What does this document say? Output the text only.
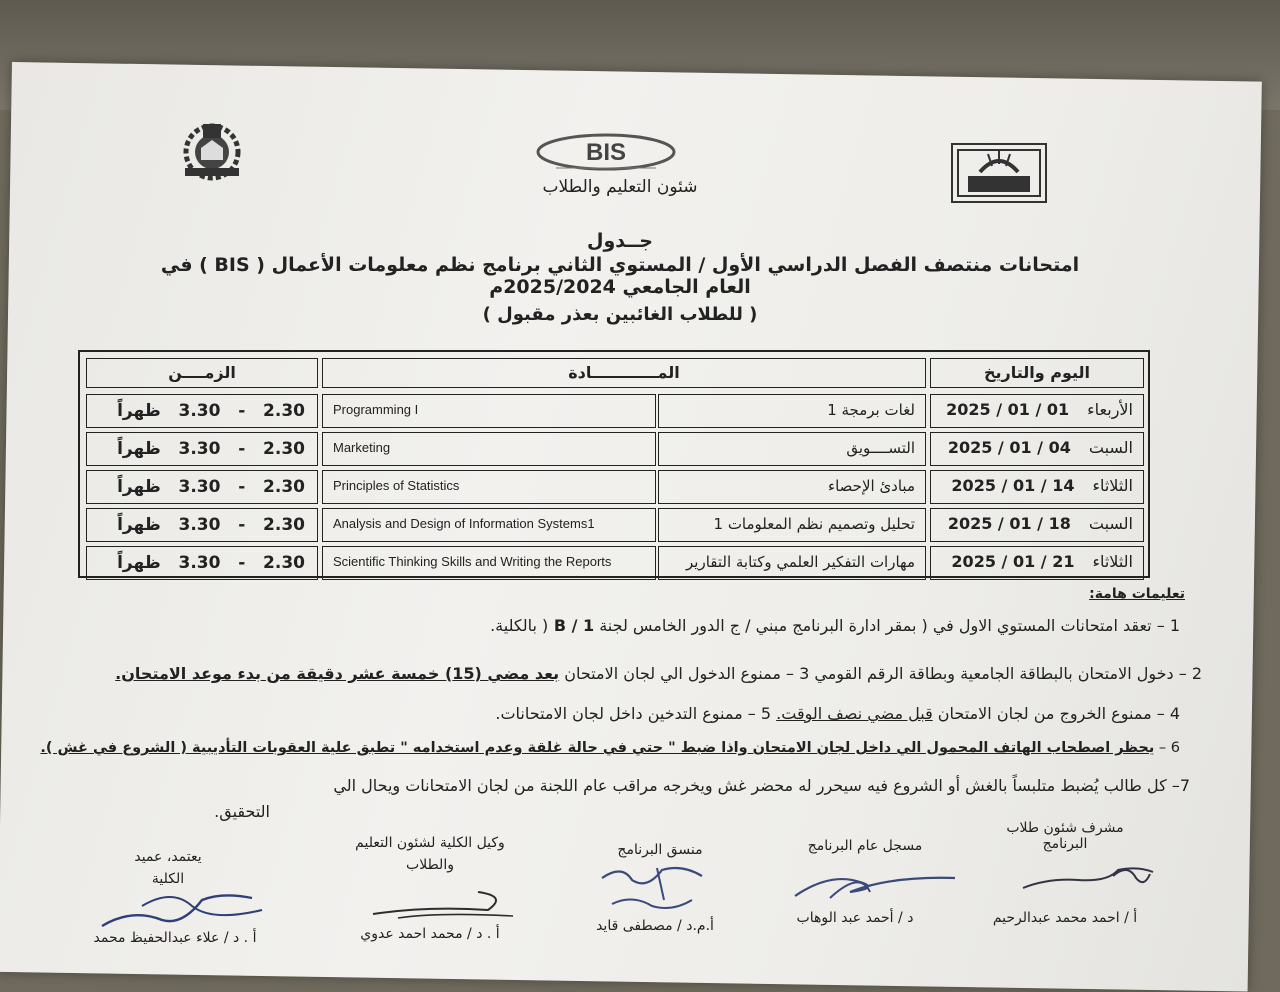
BIS
شئون التعليم والطلاب
جــدول
امتحانات منتصف الفصل الدراسي الأول / المستوي الثاني برنامج نظم معلومات الأعمال ( BIS ) في العام الجامعي 2025/2024م
( للطلاب الغائبين بعذر مقبول )
اليوم والتاريخ
المــــــــــــادة
الزمــــن
2.30   -   3.30   ظهراً	Programming I	لغات برمجة 1	الأربعاء2025 / 01 / 01
2.30   -   3.30   ظهراً	Marketing	التســــويق	السبت2025 / 01 / 04
2.30   -   3.30   ظهراً	Principles of Statistics	مبادئ الإحصاء	الثلاثاء2025 / 01 / 14
2.30   -   3.30   ظهراً	Analysis and Design of Information Systems1	تحليل وتصميم نظم المعلومات 1	السبت2025 / 01 / 18
2.30   -   3.30   ظهراً	Scientific Thinking Skills and Writing the Reports	مهارات التفكير العلمي وكتابة التقارير	الثلاثاء2025 / 01 / 21
تعليمات هامة:
1 – تعقد امتحانات المستوي الاول في ( بمقر ادارة البرنامج مبني / ج الدور الخامس لجنة B / 1 ( بالكلية.
2 – دخول الامتحان بالبطاقة الجامعية وبطاقة الرقم القومي 3 – ممنوع الدخول الي لجان الامتحان بعد مضي (15) خمسة عشر دقيقة من بدء موعد الامتحان.
4 – ممنوع الخروج من لجان الامتحان قبل مضي نصف الوقت. 5 – ممنوع التدخين داخل لجان الامتحانات.
6 – يحظر اصطحاب الهاتف المحمول الي داخل لجان الامتحان واذا ضبط " حتي في حالة غلقة وعدم استخدامه " تطبق علية العقوبات التأديبية ( الشروع في غش ).
7– كل طالب يُضبط متلبساً بالغش أو الشروع فيه سيحرر له محضر غش ويخرجه مراقب عام اللجنة من لجان الامتحانات ويحال الي
التحقيق.
مشرف شئون طلاب البرنامج
أ / احمد محمد عبدالرحيم
مسجل عام البرنامج
د / أحمد عبد الوهاب
منسق البرنامج
أ.م.د / مصطفى قايد
وكيل الكلية لشئون التعليم والطلاب
أ . د / محمد احمد عدوي
يعتمد، عميد الكلية
أ . د / علاء عبدالحفيظ محمد
